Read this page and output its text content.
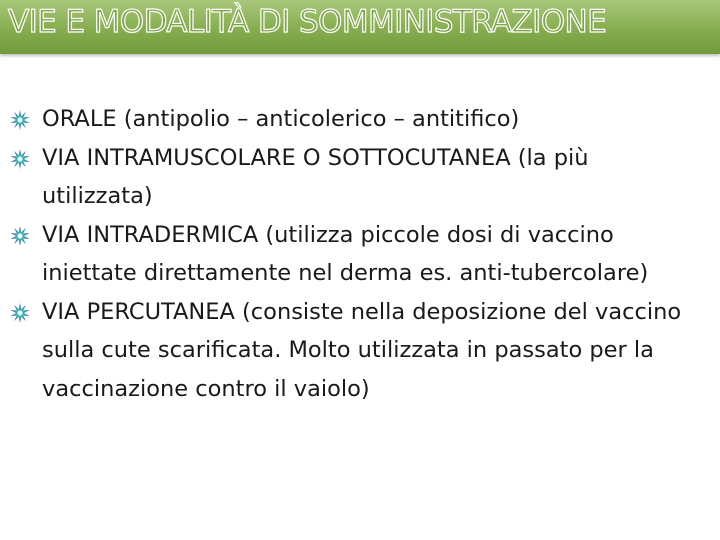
VIE E MODALITÀ DI SOMMINISTRAZIONE
ORALE (antipolio – anticolerico – antitifico)
VIA INTRAMUSCOLARE O SOTTOCUTANEA (la più utilizzata)
VIA INTRADERMICA (utilizza piccole dosi di vaccino iniettate direttamente nel derma es. anti-tubercolare)
VIA PERCUTANEA (consiste nella deposizione del vaccino sulla cute scarificata. Molto utilizzata in passato per la vaccinazione contro il vaiolo)
